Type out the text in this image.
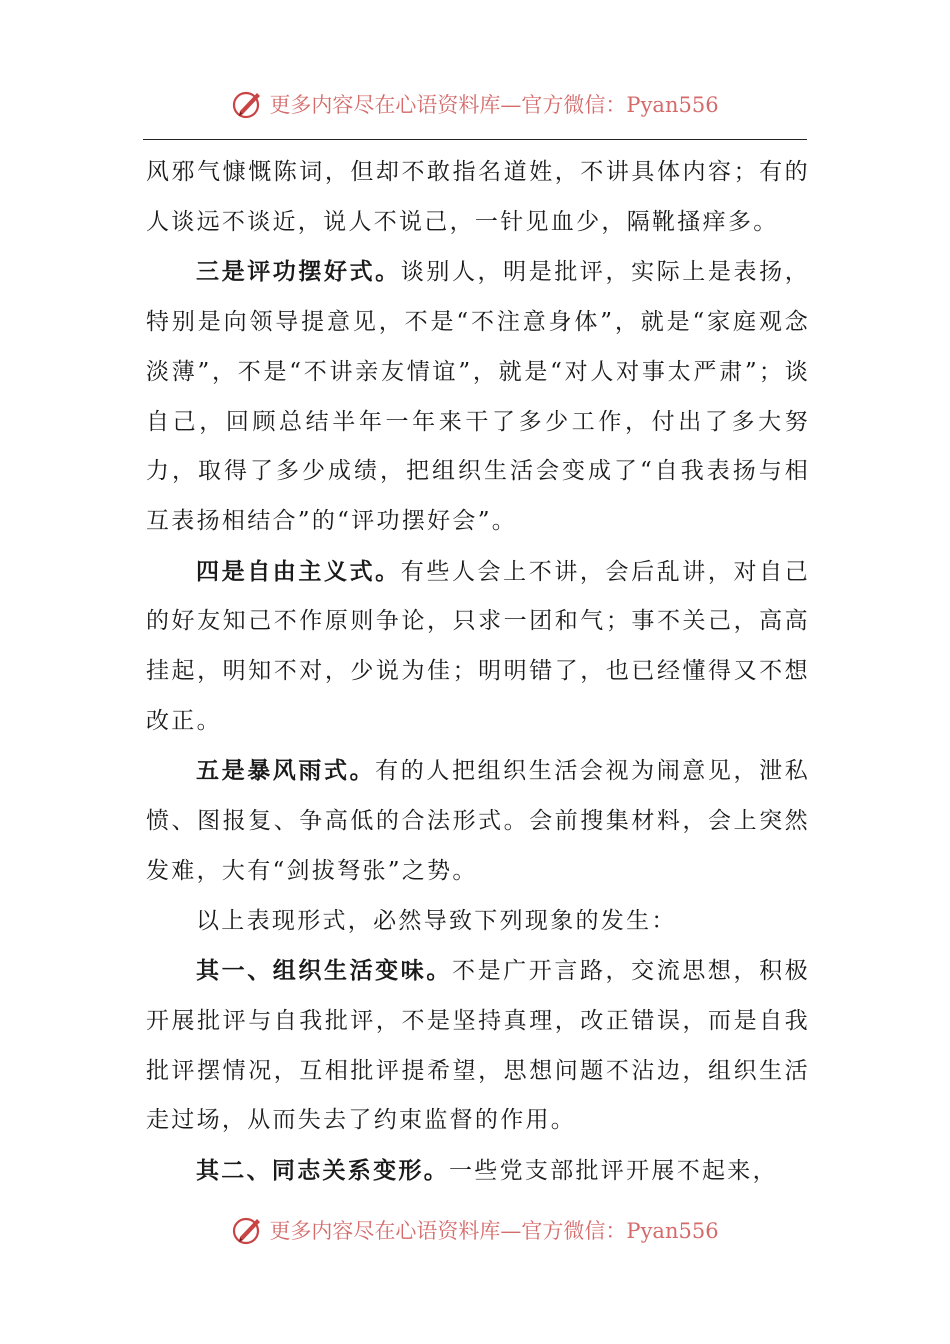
更多内容尽在心语资料库—官方微信：Pyan556

风邪气慷慨陈词，但却不敢指名道姓，不讲具体内容；有的人谈远不谈近，说人不说己，一针见血少，隔靴搔痒多。

三是评功摆好式。谈别人，明是批评，实际上是表扬，特别是向领导提意见，不是“不注意身体”，就是“家庭观念淡薄”，不是“不讲亲友情谊”，就是“对人对事太严肃”；谈自己，回顾总结半年一年来干了多少工作，付出了多大努力，取得了多少成绩，把组织生活会变成了“自我表扬与相互表扬相结合”的“评功摆好会”。

四是自由主义式。有些人会上不讲，会后乱讲，对自己的好友知己不作原则争论，只求一团和气；事不关己，高高挂起，明知不对，少说为佳；明明错了，也已经懂得又不想改正。

五是暴风雨式。有的人把组织生活会视为闹意见，泄私愤、图报复、争高低的合法形式。会前搜集材料，会上突然发难，大有“剑拔弩张”之势。

以上表现形式，必然导致下列现象的发生：

其一、组织生活变味。不是广开言路，交流思想，积极开展批评与自我批评，不是坚持真理，改正错误，而是自我批评摆情况，互相批评提希望，思想问题不沾边，组织生活走过场，从而失去了约束监督的作用。

其二、同志关系变形。一些党支部批评开展不起来，

更多内容尽在心语资料库—官方微信：Pyan556
